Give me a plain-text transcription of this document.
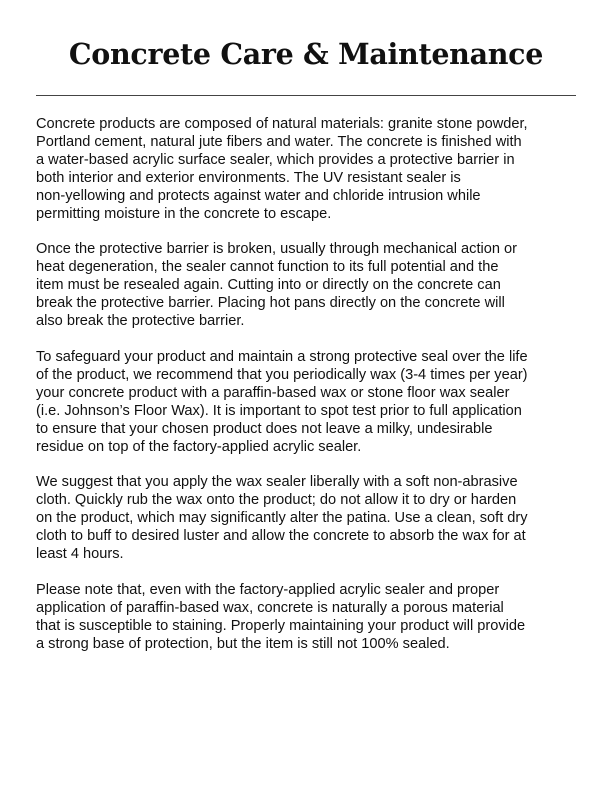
Concrete Care & Maintenance

Concrete products are composed of natural materials: granite stone powder,
Portland cement, natural jute fibers and water. The concrete is finished with
a water-based acrylic surface sealer, which provides a protective barrier in
both interior and exterior environments. The UV resistant sealer is
non-yellowing and protects against water and chloride intrusion while
permitting moisture in the concrete to escape.

Once the protective barrier is broken, usually through mechanical action or
heat degeneration, the sealer cannot function to its full potential and the
item must be resealed again. Cutting into or directly on the concrete can
break the protective barrier. Placing hot pans directly on the concrete will
also break the protective barrier.

To safeguard your product and maintain a strong protective seal over the life
of the product, we recommend that you periodically wax (3-4 times per year)
your concrete product with a paraffin-based wax or stone floor wax sealer
(i.e. Johnson’s Floor Wax). It is important to spot test prior to full application
to ensure that your chosen product does not leave a milky, undesirable
residue on top of the factory-applied acrylic sealer.

We suggest that you apply the wax sealer liberally with a soft non-abrasive
cloth. Quickly rub the wax onto the product; do not allow it to dry or harden
on the product, which may significantly alter the patina. Use a clean, soft dry
cloth to buff to desired luster and allow the concrete to absorb the wax for at
least 4 hours.

Please note that, even with the factory-applied acrylic sealer and proper
application of paraffin-based wax, concrete is naturally a porous material
that is susceptible to staining. Properly maintaining your product will provide
a strong base of protection, but the item is still not 100% sealed.
